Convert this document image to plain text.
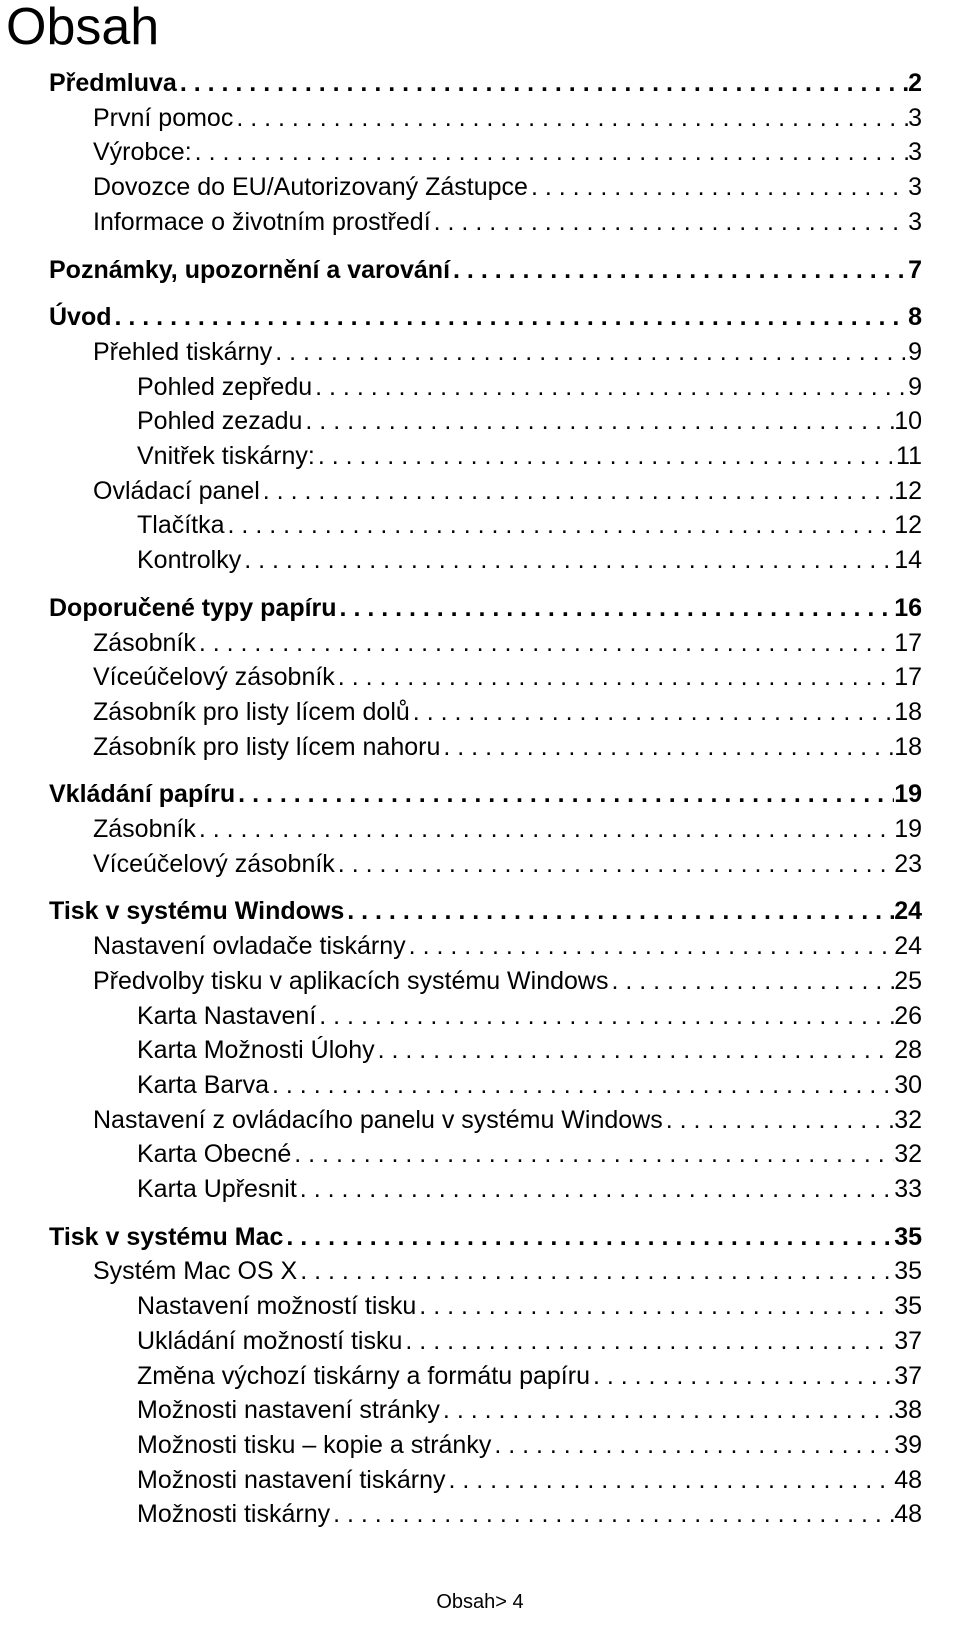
Obsah
Předmluva . . .	2
První pomoc . . .	3
Výrobce: . . .	3
Dovozce do EU/Autorizovaný Zástupce . . .	3
Informace o životním prostředí . . .	3
Poznámky, upozornění a varování . . .	7
Úvod . . .	8
Přehled tiskárny . . .	9
Pohled zepředu . . .	9
Pohled zezadu . . .	10
Vnitřek tiskárny: . . .	11
Ovládací panel . . .	12
Tlačítka . . .	12
Kontrolky . . .	14
Doporučené typy papíru . . .	16
Zásobník . . .	17
Víceúčelový zásobník . . .	17
Zásobník pro listy lícem dolů . . .	18
Zásobník pro listy lícem nahoru . . .	18
Vkládání papíru . . .	19
Zásobník . . .	19
Víceúčelový zásobník . . .	23
Tisk v systému Windows . . .	24
Nastavení ovladače tiskárny . . .	24
Předvolby tisku v aplikacích systému Windows . . .	25
Karta Nastavení . . .	26
Karta Možnosti Úlohy . . .	28
Karta Barva . . .	30
Nastavení z ovládacího panelu v systému Windows . . .	32
Karta Obecné . . .	32
Karta Upřesnit . . .	33
Tisk v systému Mac . . .	35
Systém Mac OS X . . .	35
Nastavení možností tisku . . .	35
Ukládání možností tisku . . .	37
Změna výchozí tiskárny a formátu papíru . . .	37
Možnosti nastavení stránky . . .	38
Možnosti tisku – kopie a stránky . . .	39
Možnosti nastavení tiskárny . . .	48
Možnosti tiskárny . . .	48
Obsah> 4
